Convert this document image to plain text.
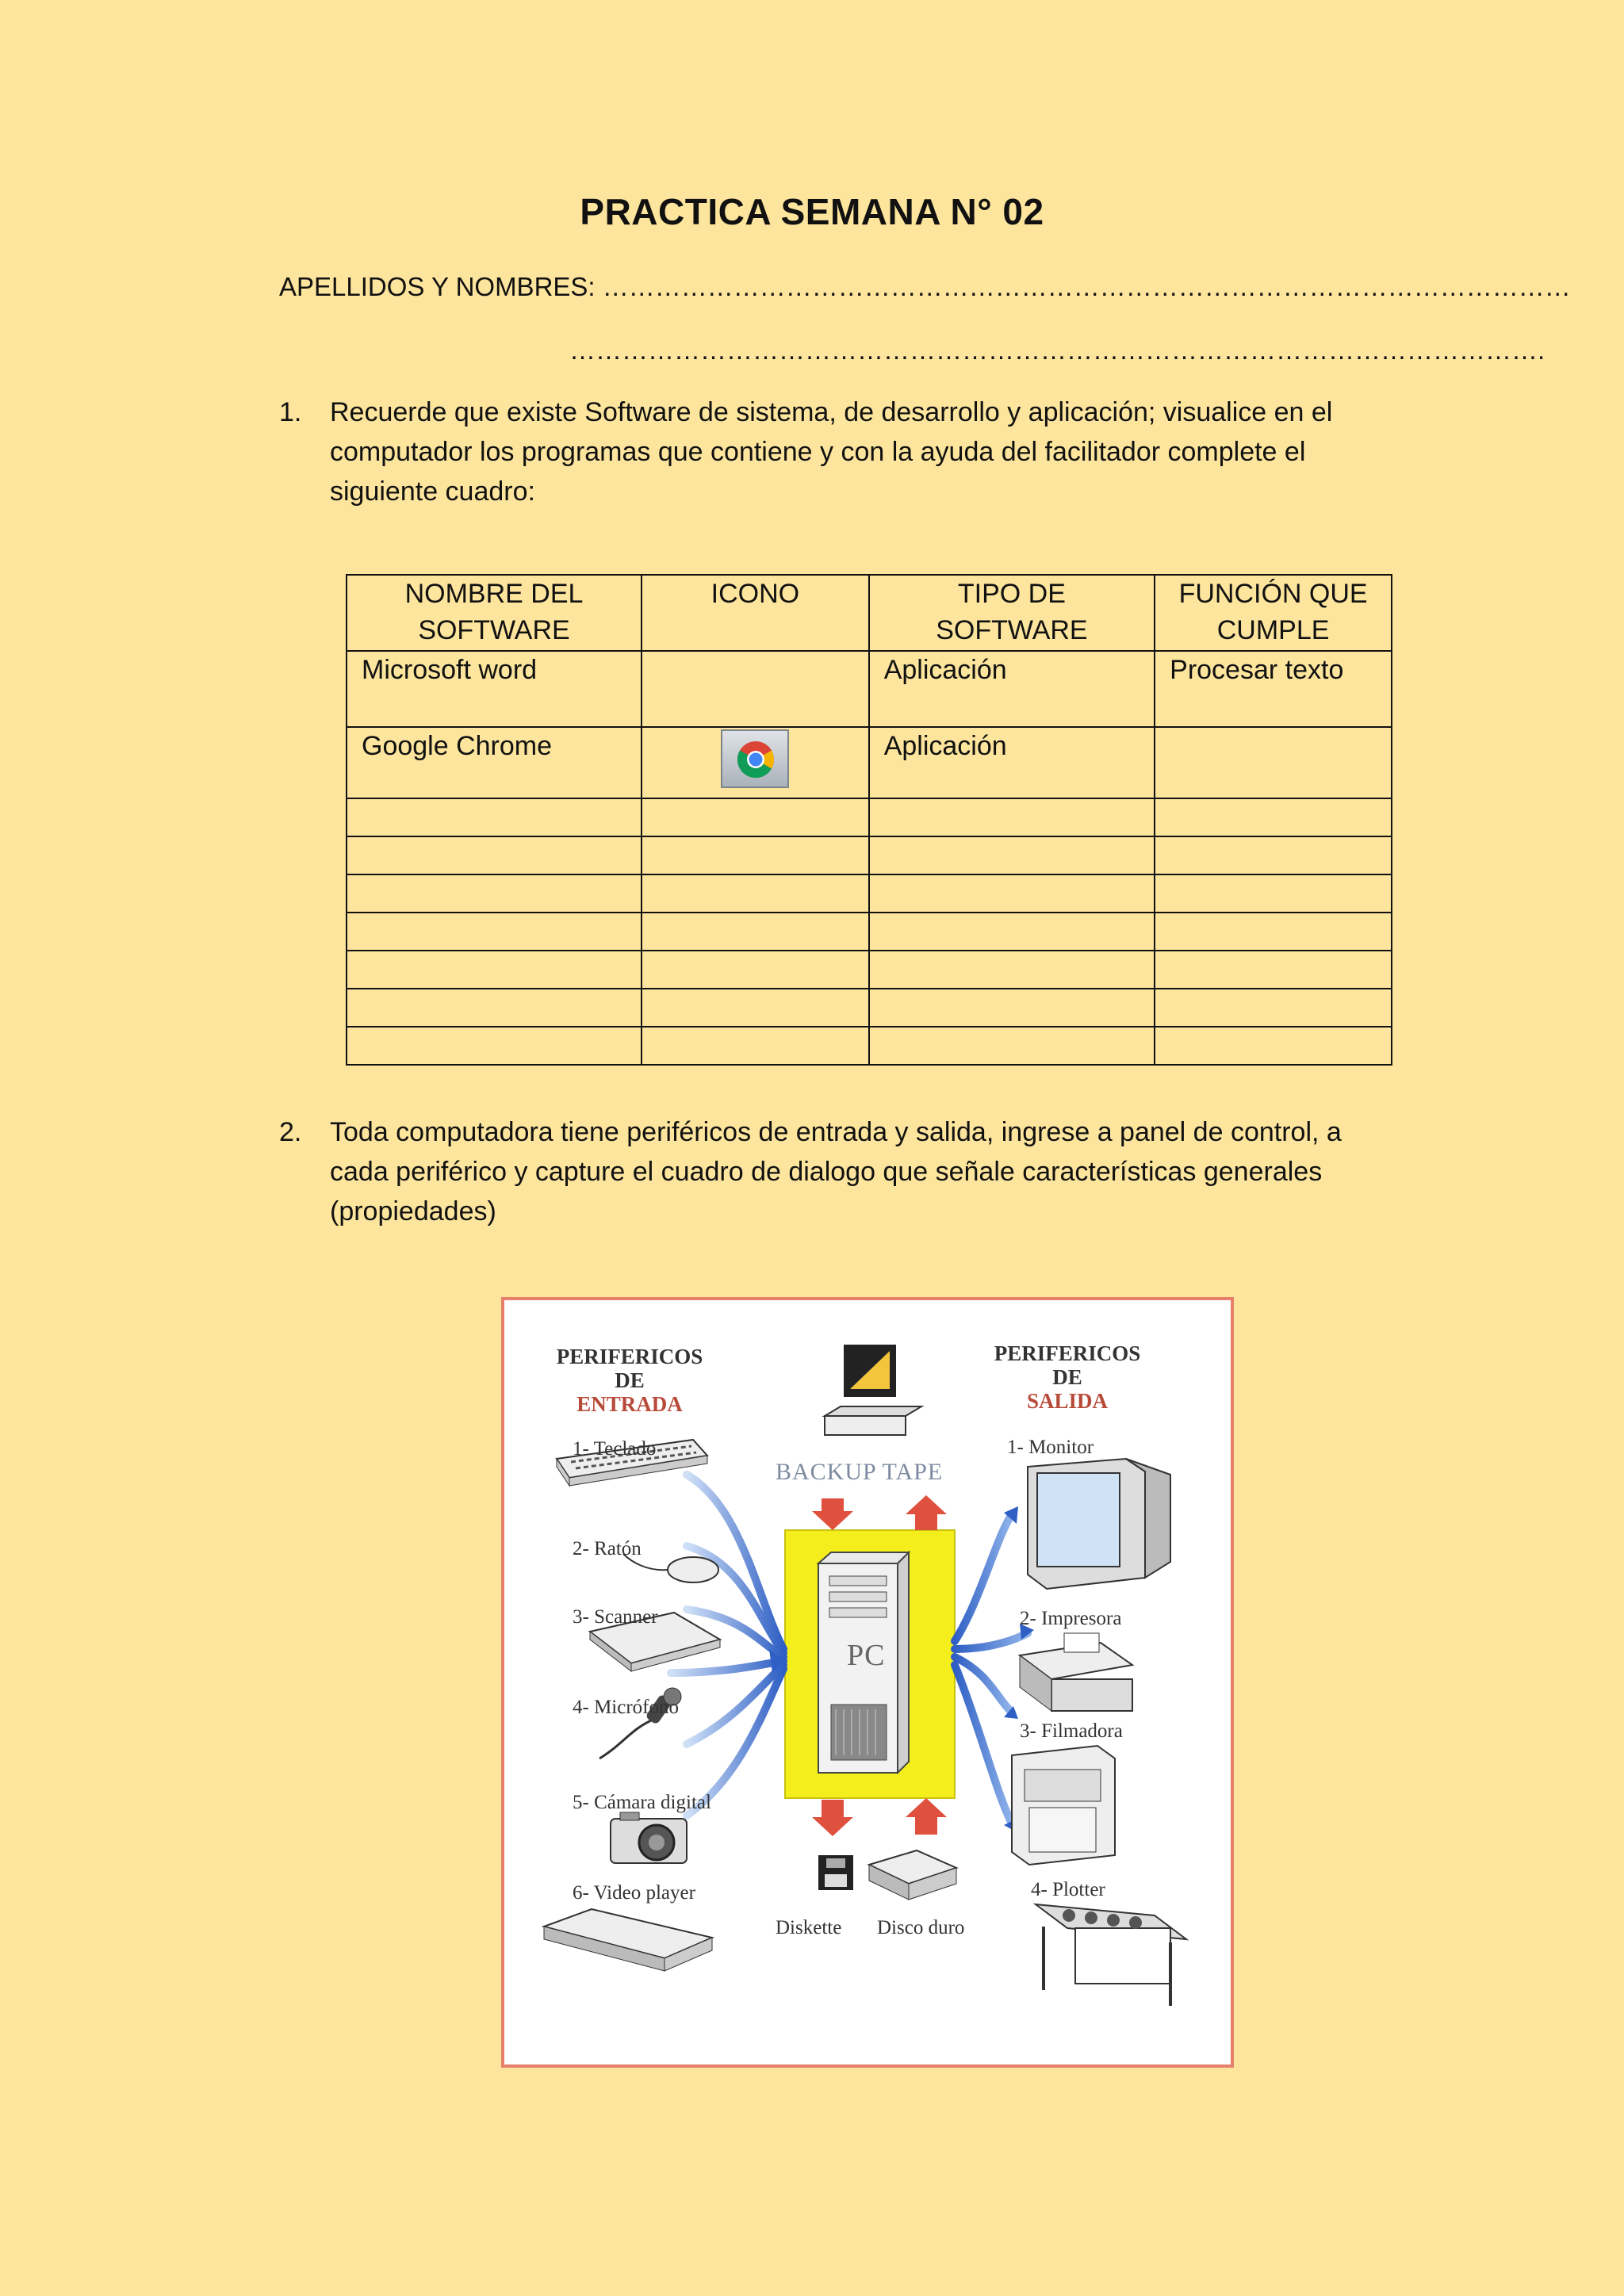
PRACTICA SEMANA N° 02
APELLIDOS Y NOMBRES: …………………………………………………………………………………………………
………………………………………………………………………………………………….
1.	Recuerde que existe Software de sistema, de desarrollo y aplicación; visualice en el computador los programas que contiene y con la ayuda del facilitador complete el siguiente cuadro:
NOMBRE DEL SOFTWARE	ICONO	TIPO DE SOFTWARE	FUNCIÓN QUE CUMPLE
Microsoft word		Aplicación	Procesar texto
Google Chrome		Aplicación	

2.	Toda computadora tiene periféricos de entrada y salida, ingrese a panel de control, a cada periférico y capture el cuadro de dialogo que señale características generales (propiedades)
PERIFERICOS
DE
ENTRADA
PERIFERICOS
DE
SALIDA
BACKUP TAPE
PC
1- Teclado
2- Ratón
3- Scanner
4- Micrófono
5- Cámara digital
6- Video player
1- Monitor
2- Impresora
3- Filmadora
4- Plotter
Diskette Disco duro
